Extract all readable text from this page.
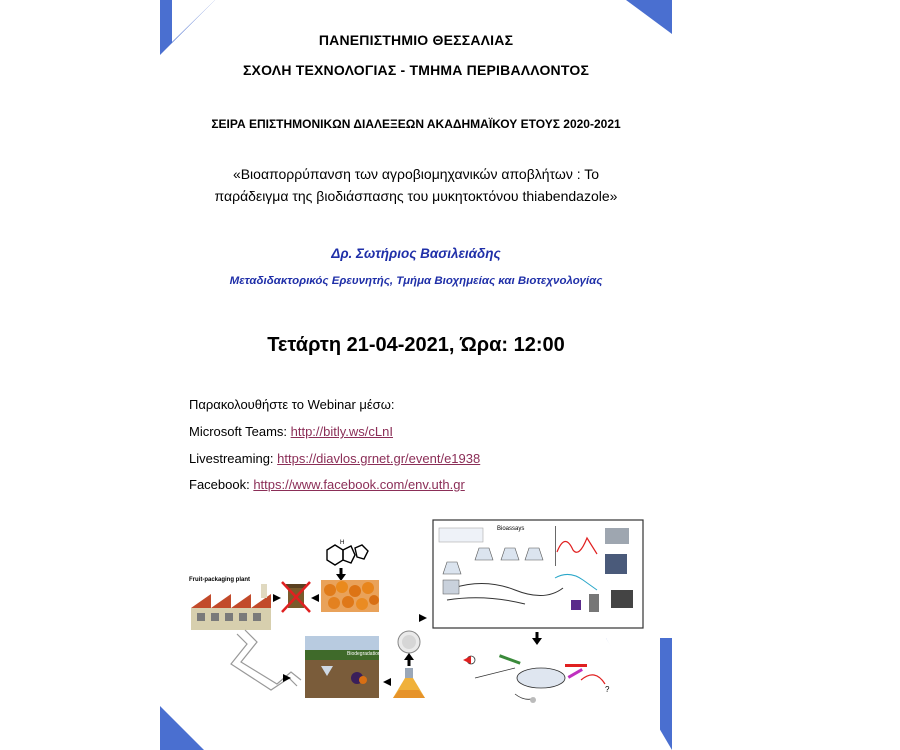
ΠΑΝΕΠΙΣΤΗΜΙΟ ΘΕΣΣΑΛΙΑΣ
ΣΧΟΛΗ ΤΕΧΝΟΛΟΓΙΑΣ - ΤΜΗΜΑ ΠΕΡΙΒΑΛΛΟΝΤΟΣ
ΣΕΙΡΑ ΕΠΙΣΤΗΜΟΝΙΚΩΝ ΔΙΑΛΕΞΕΩΝ ΑΚΑΔΗΜΑΪΚΟΥ ΕΤΟΥΣ 2020-2021
«Βιοαπορρύπανση των αγροβιομηχανικών αποβλήτων : Το
παράδειγμα της βιοδιάσπασης του μυκητοκτόνου thiabendazole»
Δρ. Σωτήριος Βασιλειάδης
Μεταδιδακτορικός Ερευνητής, Τμήμα Βιοχημείας και Βιοτεχνολογίας
Τετάρτη 21-04-2021, Ώρα: 12:00
Παρακολουθήστε το Webinar μέσω:
Microsoft Teams: http://bitly.ws/cLnI
Livestreaming: https://diavlos.grnet.gr/event/e1938
Facebook: https://www.facebook.com/env.uth.gr
H
Fruit-packaging plant
Biodegradation
Bioassays
?
